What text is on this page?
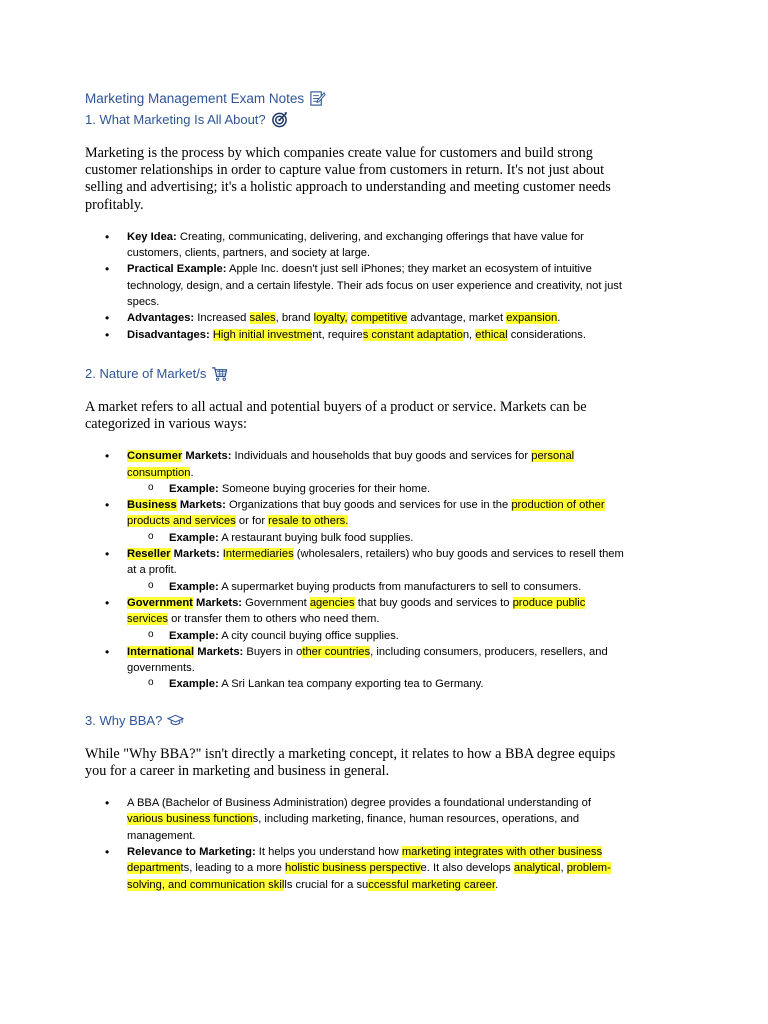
Marketing Management Exam Notes
1. What Marketing Is All About?

Marketing is the process by which companies create value for customers and build strong customer relationships in order to capture value from customers in return. It's not just about selling and advertising; it's a holistic approach to understanding and meeting customer needs profitably.

• Key Idea: Creating, communicating, delivering, and exchanging offerings that have value for customers, clients, partners, and society at large.
• Practical Example: Apple Inc. doesn't just sell iPhones; they market an ecosystem of intuitive technology, design, and a certain lifestyle. Their ads focus on user experience and creativity, not just specs.
• Advantages: Increased sales, brand loyalty, competitive advantage, market expansion.
• Disadvantages: High initial investment, requires constant adaptation, ethical considerations.
2. Nature of Market/s

A market refers to all actual and potential buyers of a product or service. Markets can be categorized in various ways:

• Consumer Markets: Individuals and households that buy goods and services for personal consumption.
o Example: Someone buying groceries for their home.
• Business Markets: Organizations that buy goods and services for use in the production of other products and services or for resale to others.
o Example: A restaurant buying bulk food supplies.
• Reseller Markets: Intermediaries (wholesalers, retailers) who buy goods and services to resell them at a profit.
o Example: A supermarket buying products from manufacturers to sell to consumers.
• Government Markets: Government agencies that buy goods and services to produce public services or transfer them to others who need them.
o Example: A city council buying office supplies.
• International Markets: Buyers in other countries, including consumers, producers, resellers, and governments.
o Example: A Sri Lankan tea company exporting tea to Germany.
3. Why BBA?

While "Why BBA?" isn't directly a marketing concept, it relates to how a BBA degree equips you for a career in marketing and business in general.

• A BBA (Bachelor of Business Administration) degree provides a foundational understanding of various business functions, including marketing, finance, human resources, operations, and management.
• Relevance to Marketing: It helps you understand how marketing integrates with other business departments, leading to a more holistic business perspective. It also develops analytical, problem-solving, and communication skills crucial for a successful marketing career.
